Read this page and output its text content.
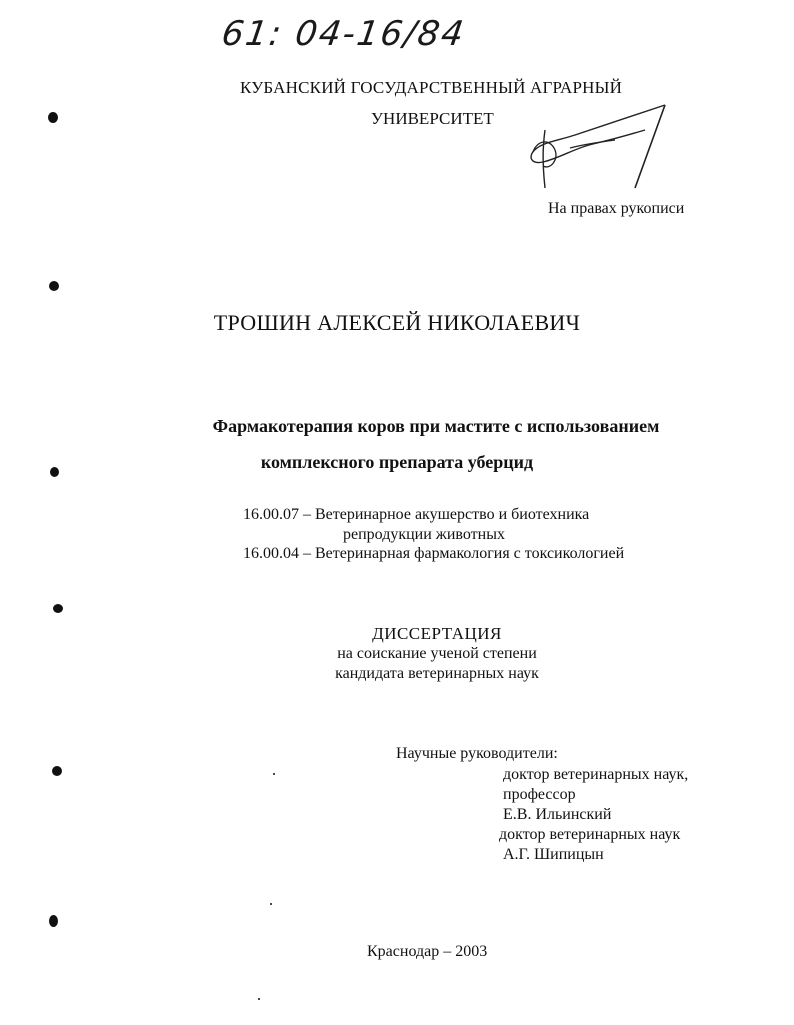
61: 04-16/84
КУБАНСКИЙ ГОСУДАРСТВЕННЫЙ АГРАРНЫЙ
УНИВЕРСИТЕТ
На правах рукописи
ТРОШИН АЛЕКСЕЙ НИКОЛАЕВИЧ
Фармакотерапия коров при мастите с использованием
комплексного препарата уберцид
16.00.07 – Ветеринарное акушерство и биотехника
репродукции животных
16.00.04 – Ветеринарная фармакология с токсикологией
ДИССЕРТАЦИЯ
на соискание ученой степени
кандидата ветеринарных наук
Научные руководители:
доктор ветеринарных наук,
профессор
Е.В. Ильинский
доктор ветеринарных наук
А.Г. Шипицын
Краснодар – 2003
